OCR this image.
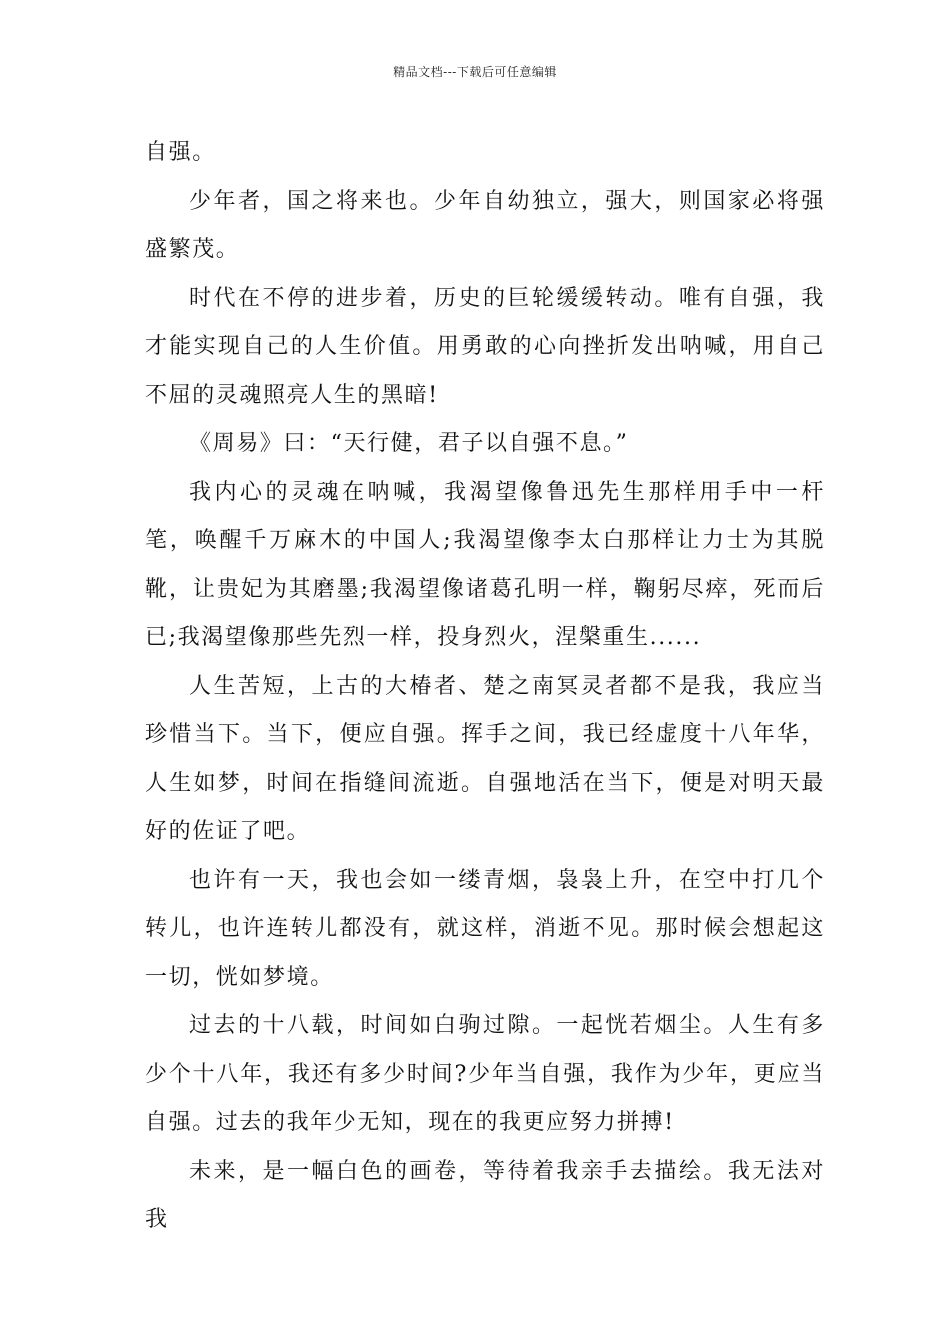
精品文档---下载后可任意编辑

自强。

少年者，国之将来也。少年自幼独立，强大，则国家必将强盛繁茂。

时代在不停的进步着，历史的巨轮缓缓转动。唯有自强，我才能实现自己的人生价值。用勇敢的心向挫折发出呐喊，用自己不屈的灵魂照亮人生的黑暗!

《周易》曰：“天行健，君子以自强不息。”

我内心的灵魂在呐喊，我渴望像鲁迅先生那样用手中一杆笔，唤醒千万麻木的中国人;我渴望像李太白那样让力士为其脱靴，让贵妃为其磨墨;我渴望像诸葛孔明一样，鞠躬尽瘁，死而后已;我渴望像那些先烈一样，投身烈火，涅槃重生......

人生苦短，上古的大椿者、楚之南冥灵者都不是我，我应当珍惜当下。当下，便应自强。挥手之间，我已经虚度十八年华，人生如梦，时间在指缝间流逝。自强地活在当下，便是对明天最好的佐证了吧。

也许有一天，我也会如一缕青烟，袅袅上升，在空中打几个转儿，也许连转儿都没有，就这样，消逝不见。那时候会想起这一切，恍如梦境。

过去的十八载，时间如白驹过隙。一起恍若烟尘。人生有多少个十八年，我还有多少时间?少年当自强，我作为少年，更应当自强。过去的我年少无知，现在的我更应努力拼搏!

未来，是一幅白色的画卷，等待着我亲手去描绘。我无法对我
